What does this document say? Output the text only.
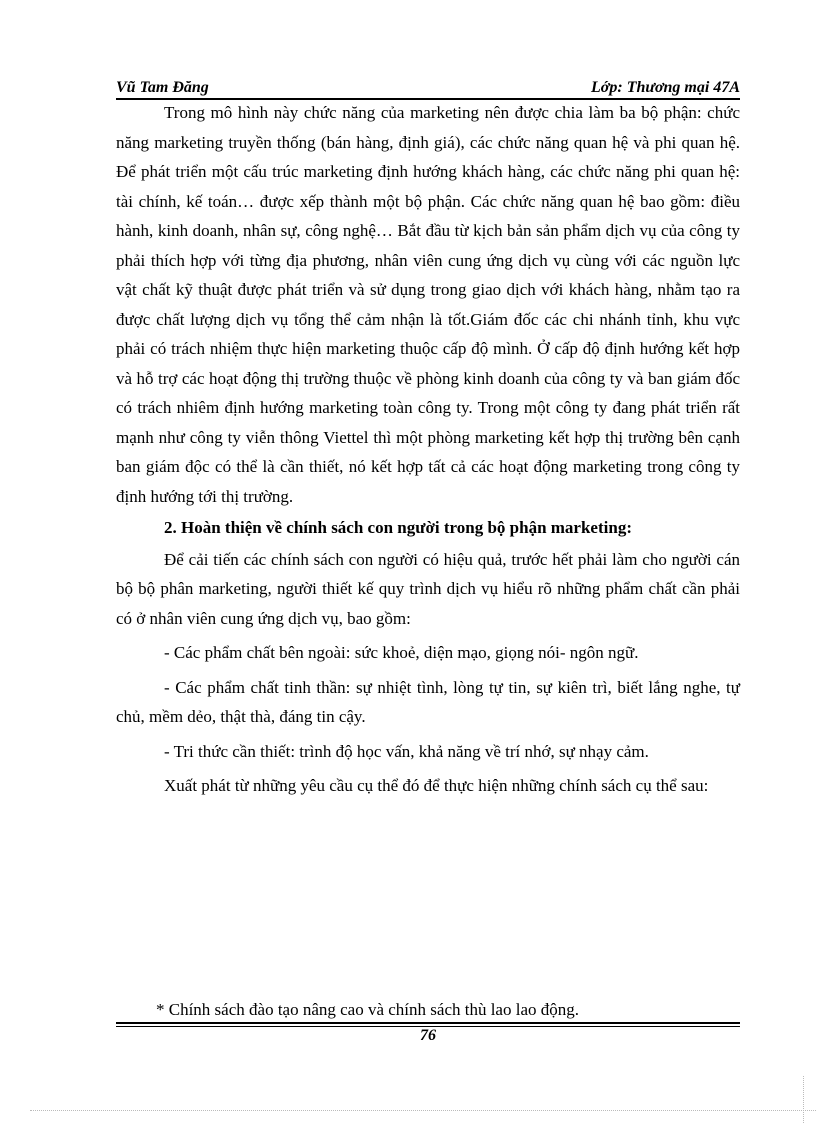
Vũ Tam Đăng	Lớp: Thương mại 47A

Trong mô hình này chức năng của marketing nên được chia làm ba bộ phận: chức năng marketing truyền thống (bán hàng, định giá), các chức năng quan hệ và phi quan hệ. Để phát triển một cấu trúc marketing định hướng khách hàng, các chức năng phi quan hệ: tài chính, kế toán… được xếp thành một bộ phận. Các chức năng quan hệ bao gồm: điều hành, kinh doanh, nhân sự, công nghệ… Bắt đầu từ kịch bản sản phẩm dịch vụ của công ty phải thích hợp với từng địa phương, nhân viên cung ứng dịch vụ cùng với các nguồn lực vật chất kỹ thuật được phát triển và sử dụng trong giao dịch với khách hàng, nhằm tạo ra được chất lượng dịch vụ tổng thể cảm nhận là tốt.Giám đốc các chi nhánh tỉnh, khu vực phải có trách nhiệm thực hiện marketing thuộc cấp độ mình. Ở cấp độ định hướng kết hợp và hỗ trợ các hoạt động thị trường thuộc về phòng kinh doanh của công ty và ban giám đốc có trách nhiêm định hướng marketing toàn công ty. Trong một công ty đang phát triển rất mạnh như công ty viễn thông Viettel thì một phòng marketing kết hợp thị trường bên cạnh ban giám độc có thể là cần thiết, nó kết hợp tất cả các hoạt động marketing trong công ty định hướng tới thị trường.

2. Hoàn thiện về chính sách con người trong bộ phận marketing:

Để cải tiến các chính sách con người có hiệu quả, trước hết phải làm cho người cán bộ bộ phân marketing, người thiết kế quy trình dịch vụ hiểu rõ những phẩm chất cần phải có ở nhân viên cung ứng dịch vụ, bao gồm:

- Các phẩm chất bên ngoài: sức khoẻ, diện mạo, giọng nói- ngôn ngữ.

- Các phẩm chất tinh thần: sự nhiệt tình, lòng tự tin, sự kiên trì, biết lắng nghe, tự chủ, mềm dẻo, thật thà, đáng tin cậy.

- Tri thức cần thiết: trình độ học vấn, khả năng về trí nhớ, sự nhạy cảm.

Xuất phát từ những yêu cầu cụ thể đó để thực hiện những chính sách cụ thể sau:

* Chính sách đào tạo nâng cao và chính sách thù lao lao động.
76
